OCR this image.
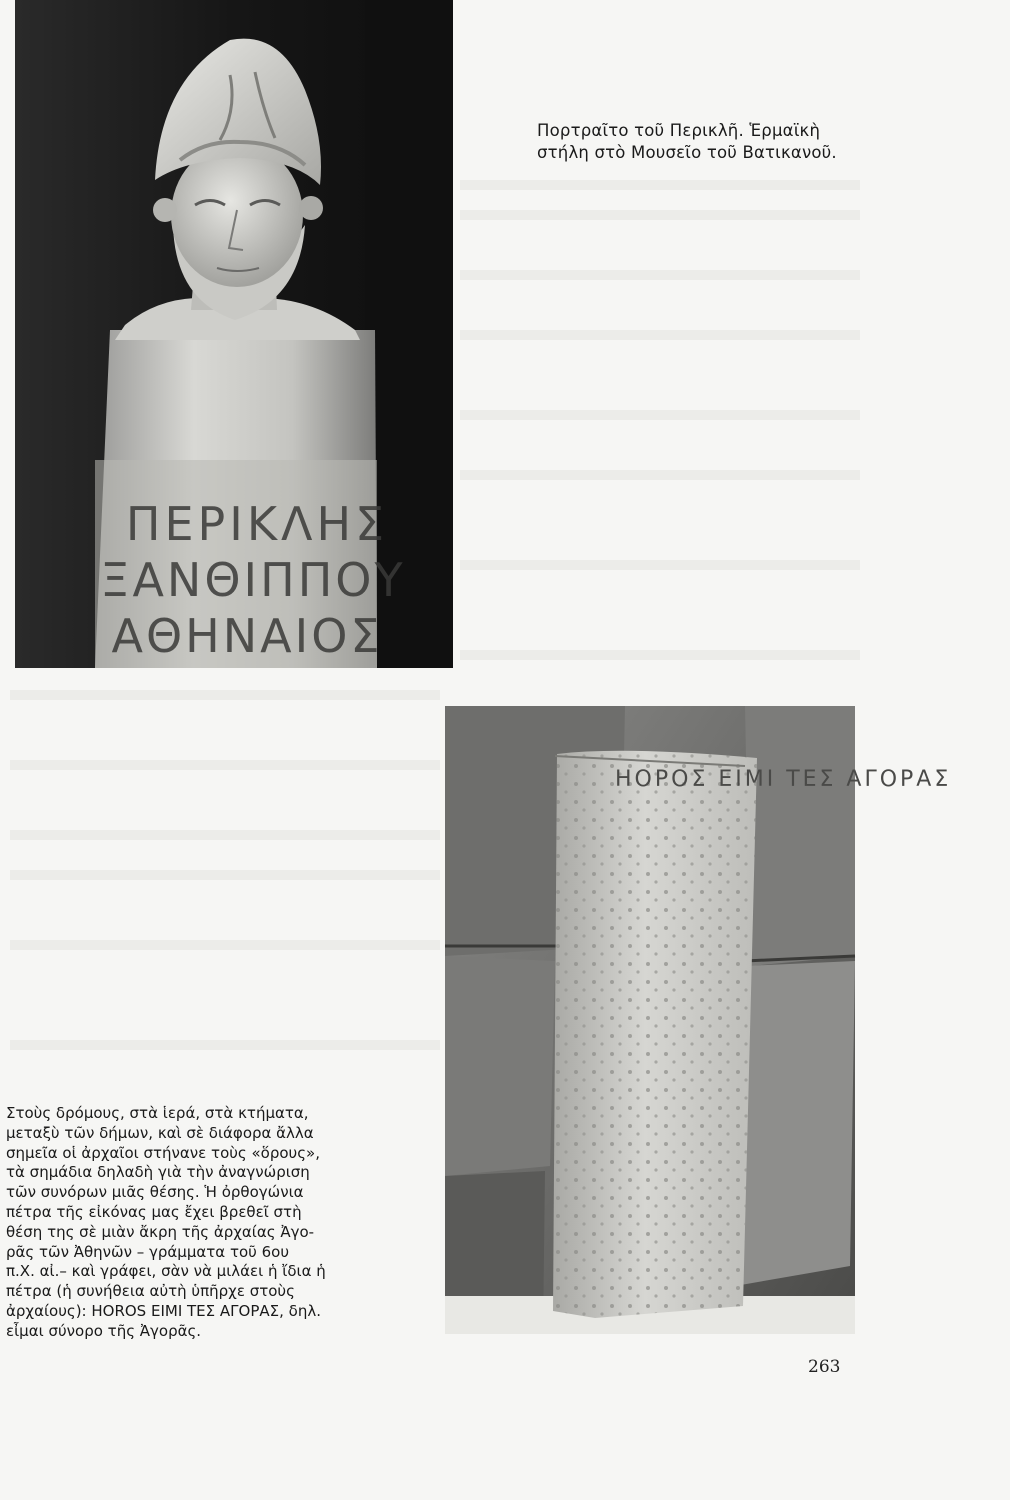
ΠΕΡΙΚΛΗΣ
ΞΑΝΘΙΠΠΟΥ
ΑΘΗΝΑΙΟΣ
Πορτραῖτο τοῦ Περικλῆ. Ἑρμαϊκὴ
στήλη στὸ Μουσεῖο τοῦ Βατικανοῦ.
ΗΟΡΟΣ ΕΙΜΙ ΤΕΣ ΑΓΟΡΑΣ
Στοὺς δρόμους, στὰ ἱερά, στὰ κτήματα,
μεταξὺ τῶν δήμων, καὶ σὲ διάφορα ἄλλα
σημεῖα οἱ ἀρχαῖοι στήνανε τοὺς «ὅρους»,
τὰ σημάδια δηλαδὴ γιὰ τὴν ἀναγνώριση
τῶν συνόρων μιᾶς θέσης. Ἡ ὀρθογώνια
πέτρα τῆς εἰκόνας μας ἔχει βρεθεῖ στὴ
θέση της σὲ μιὰν ἄκρη τῆς ἀρχαίας Ἀγο-
ρᾶς τῶν Ἀθηνῶν – γράμματα τοῦ 6ου
π.Χ. αἰ.– καὶ γράφει, σὰν νὰ μιλάει ἡ ἴδια ἡ
πέτρα (ἡ συνήθεια αὐτὴ ὑπῆρχε στοὺς
ἀρχαίους): HOROS EIMI ΤΕΣ ΑΓΟΡΑΣ, δηλ.
εἶμαι σύνορο τῆς Ἀγορᾶς.
263
